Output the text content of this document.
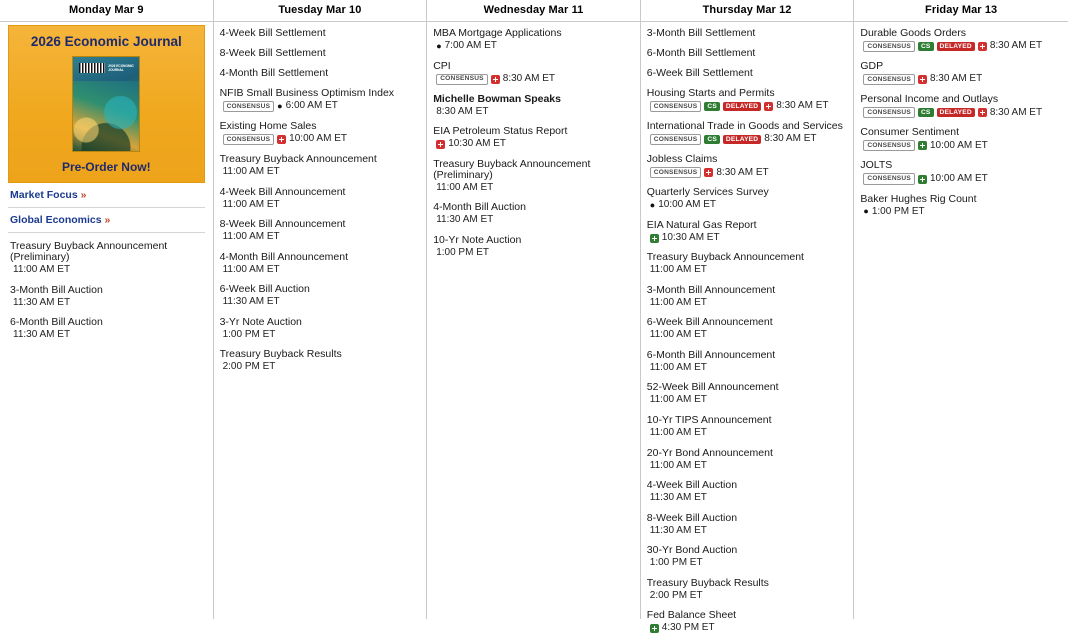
Monday Mar 9
2026 Economic Journal
2026 ECONOMIC JOURNAL
Pre-Order Now!
Market Focus »
Global Economics »
Treasury Buyback Announcement (Preliminary)
11:00 AM ET
3-Month Bill Auction
11:30 AM ET
6-Month Bill Auction
11:30 AM ET
Tuesday Mar 10
4-Week Bill Settlement
8-Week Bill Settlement
4-Month Bill Settlement
NFIB Small Business Optimism Index
CONSENSUS ● 6:00 AM ET
Existing Home Sales
CONSENSUS	10:00 AM ET
Treasury Buyback Announcement
11:00 AM ET
4-Week Bill Announcement
11:00 AM ET
8-Week Bill Announcement
11:00 AM ET
4-Month Bill Announcement
11:00 AM ET
6-Week Bill Auction
11:30 AM ET
3-Yr Note Auction
1:00 PM ET
Treasury Buyback Results
2:00 PM ET
Wednesday Mar 11
MBA Mortgage Applications
● 7:00 AM ET
CPI
CONSENSUS	8:30 AM ET
Michelle Bowman Speaks
8:30 AM ET
EIA Petroleum Status Report
10:30 AM ET
Treasury Buyback Announcement (Preliminary)
11:00 AM ET
4-Month Bill Auction
11:30 AM ET
10-Yr Note Auction
1:00 PM ET
Thursday Mar 12
3-Month Bill Settlement
6-Month Bill Settlement
6-Week Bill Settlement
Housing Starts and Permits
CONSENSUS	CS	DELAYED	8:30 AM ET
International Trade in Goods and Services
CONSENSUS	CS	DELAYED 8:30 AM ET
Jobless Claims
CONSENSUS	8:30 AM ET
Quarterly Services Survey
● 10:00 AM ET
EIA Natural Gas Report
10:30 AM ET
Treasury Buyback Announcement
11:00 AM ET
3-Month Bill Announcement
11:00 AM ET
6-Week Bill Announcement
11:00 AM ET
6-Month Bill Announcement
11:00 AM ET
52-Week Bill Announcement
11:00 AM ET
10-Yr TIPS Announcement
11:00 AM ET
20-Yr Bond Announcement
11:00 AM ET
4-Week Bill Auction
11:30 AM ET
8-Week Bill Auction
11:30 AM ET
30-Yr Bond Auction
1:00 PM ET
Treasury Buyback Results
2:00 PM ET
Fed Balance Sheet
4:30 PM ET
Friday Mar 13
Durable Goods Orders
CONSENSUS	CS	DELAYED	8:30 AM ET
GDP
CONSENSUS	8:30 AM ET
Personal Income and Outlays
CONSENSUS	CS	DELAYED	8:30 AM ET
Consumer Sentiment
CONSENSUS	10:00 AM ET
JOLTS
CONSENSUS	10:00 AM ET
Baker Hughes Rig Count
● 1:00 PM ET
